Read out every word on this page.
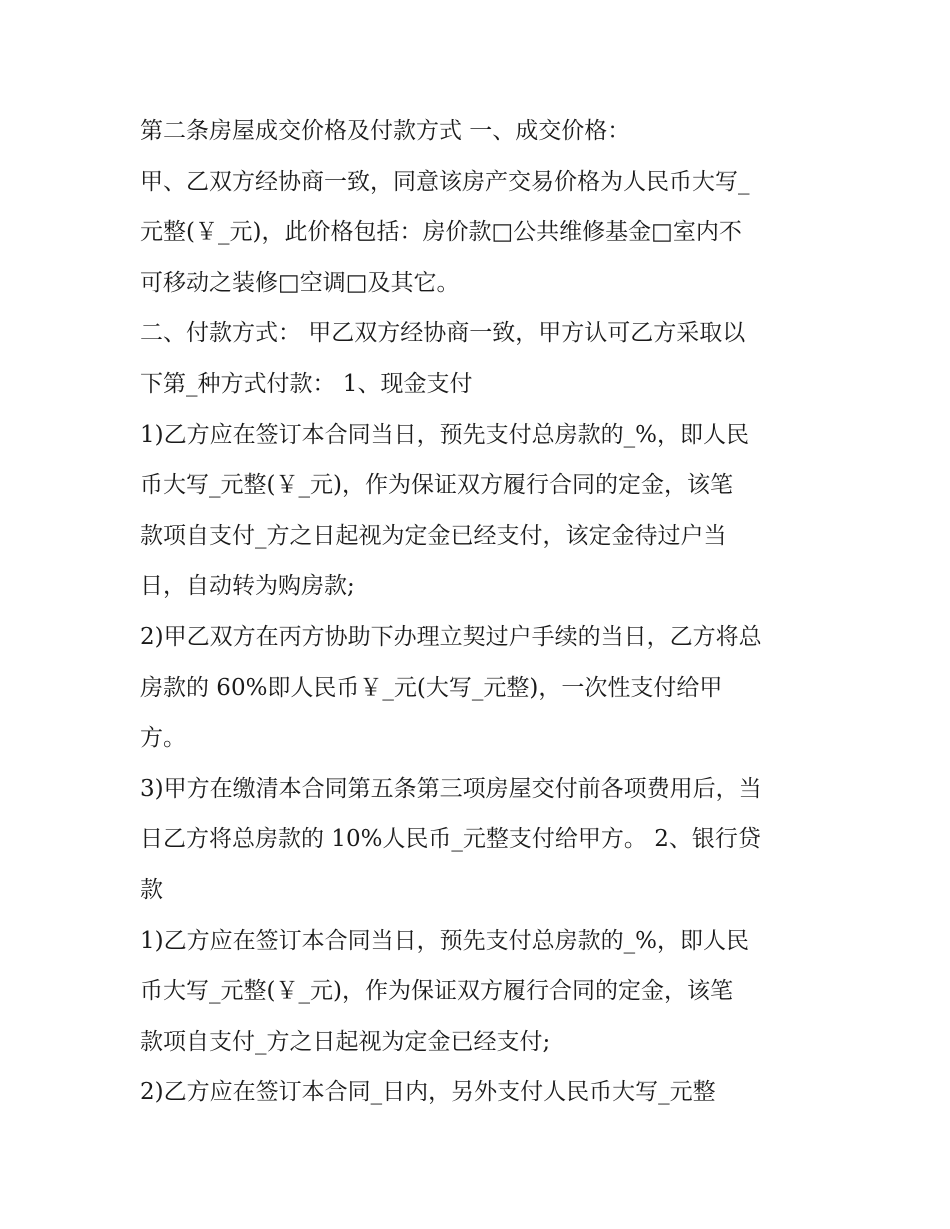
第二条房屋成交价格及付款方式 一、成交价格：

甲、乙双方经协商一致，同意该房产交易价格为人民币大写_

元整(￥_元)，此价格包括：房价款□公共维修基金□室内不

可移动之装修□空调□及其它。

二、付款方式： 甲乙双方经协商一致，甲方认可乙方采取以

下第_种方式付款： 1、现金支付

1)乙方应在签订本合同当日，预先支付总房款的_%，即人民

币大写_元整(￥_元)，作为保证双方履行合同的定金，该笔

款项自支付_方之日起视为定金已经支付，该定金待过户当

日，自动转为购房款;

2)甲乙双方在丙方协助下办理立契过户手续的当日，乙方将总

房款的 60%即人民币￥_元(大写_元整)，一次性支付给甲

方。

3)甲方在缴清本合同第五条第三项房屋交付前各项费用后，当

日乙方将总房款的 10%人民币_元整支付给甲方。 2、银行贷

款

1)乙方应在签订本合同当日，预先支付总房款的_%，即人民

币大写_元整(￥_元)，作为保证双方履行合同的定金，该笔

款项自支付_方之日起视为定金已经支付;

2)乙方应在签订本合同_日内，另外支付人民币大写_元整
